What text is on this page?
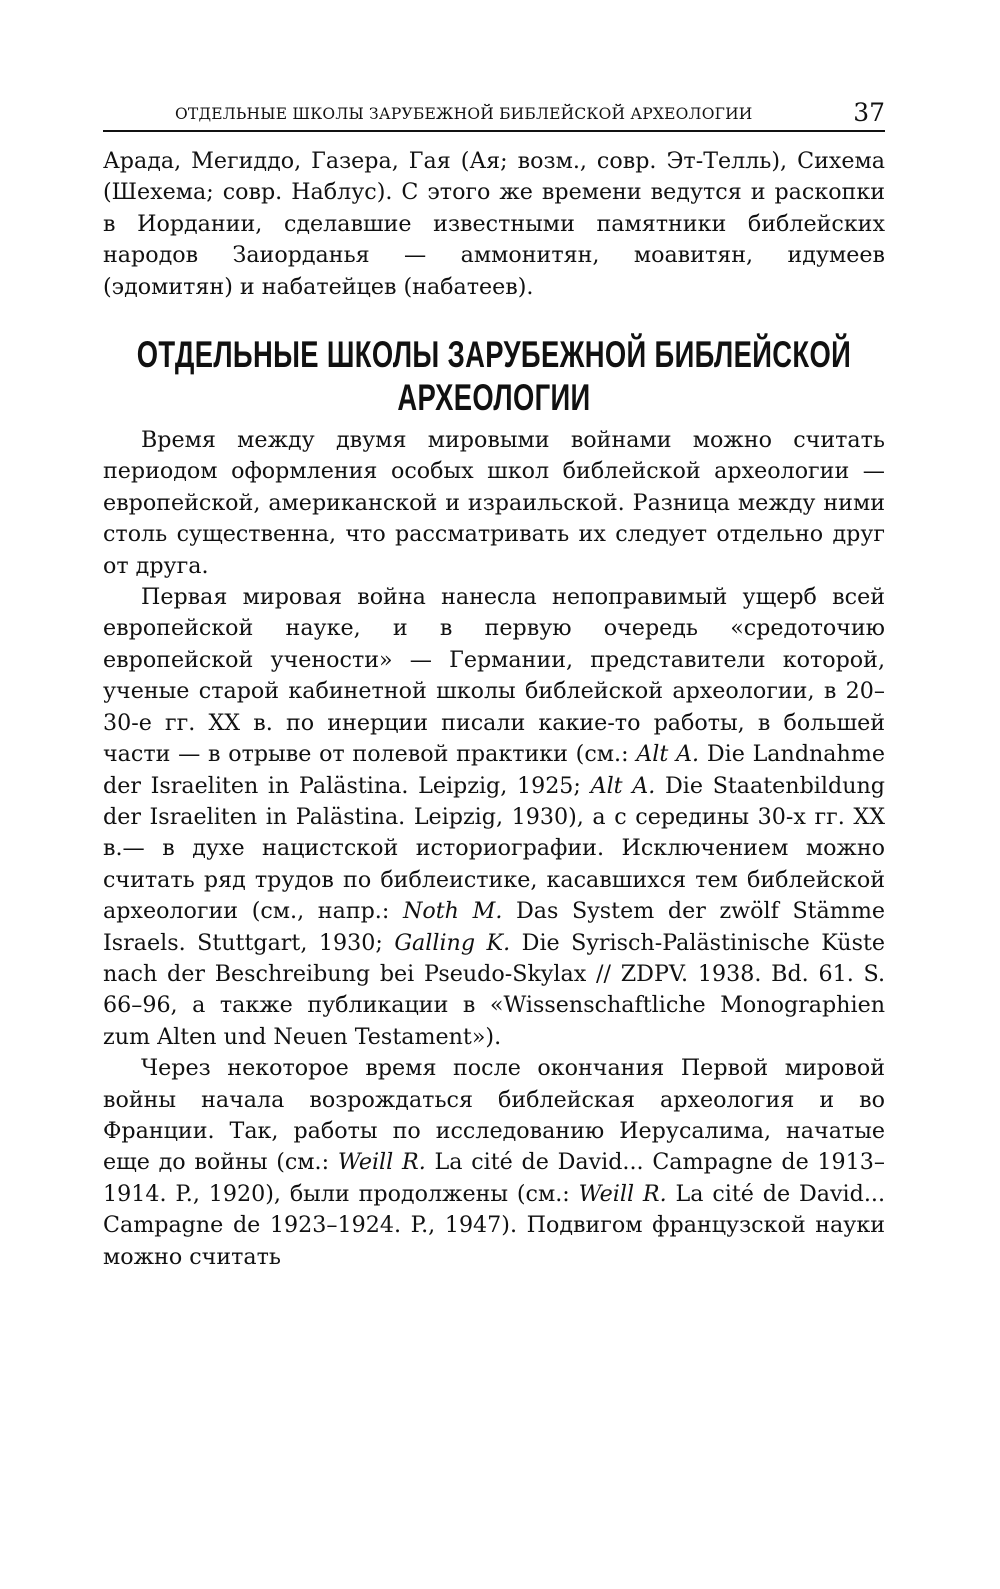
ОТДЕЛЬНЫЕ ШКОЛЫ ЗАРУБЕЖНОЙ БИБЛЕЙСКОЙ АРХЕОЛОГИИ	37

Арада, Мегиддо, Газера, Гая (Ая; возм., совр. Эт-Телль), Сихема (Шехема; совр. Наблус). С этого же времени ведутся и раскопки в Иордании, сделавшие известными памятники библейских народов Заиорданья — аммонитян, моавитян, идумеев (эдомитян) и набатейцев (набатеев).

ОТДЕЛЬНЫЕ ШКОЛЫ ЗАРУБЕЖНОЙ БИБЛЕЙСКОЙ
АРХЕОЛОГИИ

Время между двумя мировыми войнами можно считать периодом оформления особых школ библейской археологии — европейской, американской и израильской. Разница между ними столь существенна, что рассматривать их следует отдельно друг от друга.

Первая мировая война нанесла непоправимый ущерб всей европейской науке, и в первую очередь «средоточию европейской учености» — Германии, представители которой, ученые старой кабинетной школы библейской археологии, в 20–30-е гг. XX в. по инерции писали какие-то работы, в большей части — в отрыве от полевой практики (см.: Alt A. Die Landnahme der Israeliten in Palästina. Leipzig, 1925; Alt A. Die Staatenbildung der Israeliten in Palästina. Leipzig, 1930), а с середины 30-х гг. XX в.— в духе нацистской историографии. Исключением можно считать ряд трудов по библеистике, касавшихся тем библейской археологии (см., напр.: Noth M. Das System der zwölf Stämme Israels. Stuttgart, 1930; Galling K. Die Syrisch-Palästinische Küste nach der Beschreibung bei Pseudo-Skylax // ZDPV. 1938. Bd. 61. S. 66–96, а также публикации в «Wissenschaftliche Monographien zum Alten und Neuen Testament»).

Через некоторое время после окончания Первой мировой войны начала возрождаться библейская археология и во Франции. Так, работы по исследованию Иерусалима, начатые еще до войны (см.: Weill R. La cité de David... Campagne de 1913–1914. P., 1920), были продолжены (см.: Weill R. La cité de David... Campagne de 1923–1924. P., 1947). Подвигом французской науки можно считать
